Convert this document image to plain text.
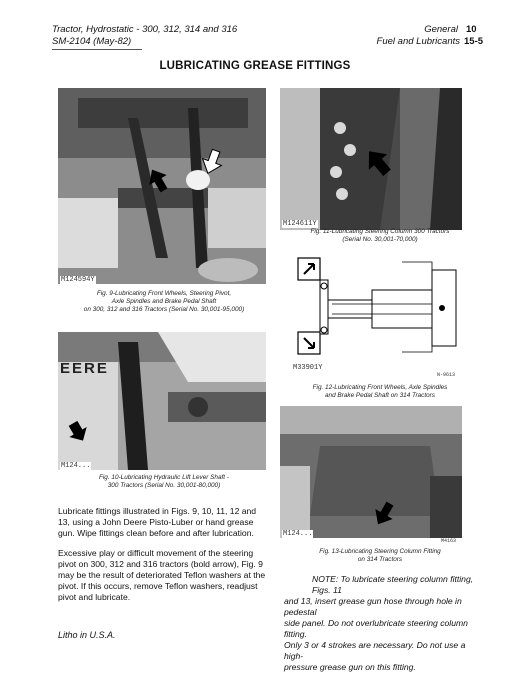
Tractor, Hydrostatic - 300, 312, 314 and 316
SM-2104 (May-82)
General 10
Fuel and Lubricants 15-5
LUBRICATING GREASE FITTINGS
M124594Y
Fig. 9-Lubricating Front Wheels, Steering Pivot,
Axle Spindles and Brake Pedal Shaft
on 300, 312 and 316 Tractors (Serial No. 30,001-95,000)
EERE
M124...
Fig. 10-Lubricating Hydraulic Lift Lever Shaft -
300 Tractors (Serial No. 30,001-80,000)
M124611Y
Fig. 11-Lubricating Steering Column 300 Tractors
(Serial No. 30,001-70,000)
M33901Y
N-9613
Fig. 12-Lubricating Front Wheels, Axle Spindles
and Brake Pedal Shaft on 314 Tractors
M124...
M4163
Fig. 13-Lubricating Steering Column Fitting
on 314 Tractors
Lubricate fittings illustrated in Figs. 9, 10, 11, 12 and
13, using a John Deere Pisto-Luber or hand grease
gun. Wipe fittings clean before and after lubrication.
Excessive play or difficult movement of the steering
pivot on 300, 312 and 316 tractors (bold arrow), Fig. 9
may be the result of deteriorated Teflon washers at the
pivot. If this occurs, remove Teflon washers, readjust
pivot and lubricate.
NOTE: To lubricate steering column fitting, Figs. 11
and 13, insert grease gun hose through hole in pedestal
side panel. Do not overlubricate steering column fitting.
Only 3 or 4 strokes are necessary. Do not use a high-
pressure grease gun on this fitting.
Litho in U.S.A.
